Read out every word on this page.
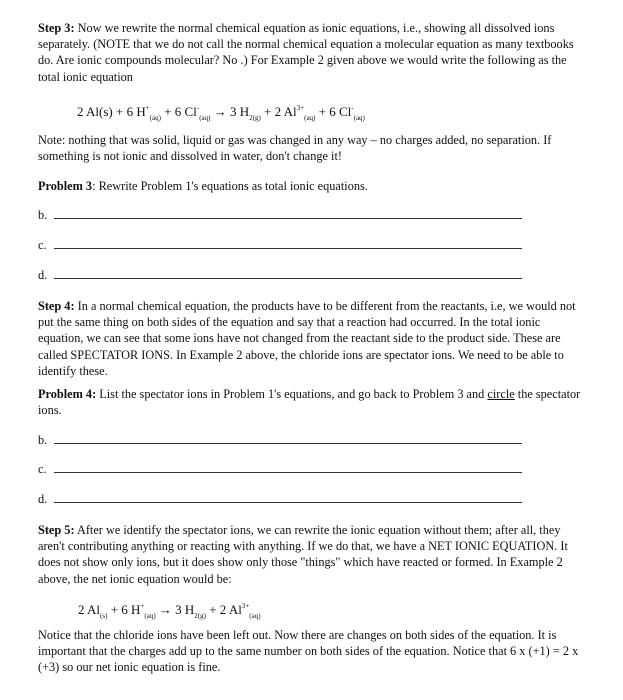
Step 3: Now we rewrite the normal chemical equation as ionic equations, i.e., showing all dissolved ions separately. (NOTE that we do not call the normal chemical equation a molecular equation as many textbooks do. Are ionic compounds molecular? No .) For Example 2 given above we would write the following as the total ionic equation
2 Al(s) + 6 $H^+_{(aq)} + 6$ $Cl^-_{(aq)} \to 3$ $H_{2(g)} + 2$ $Al^{3+}_{(aq)} + 6$ $Cl^-_{(aq)}$
Note: nothing that was solid, liquid or gas was changed in any way – no charges added, no separation. If something is not ionic and dissolved in water, don't change it!
Problem 3: Rewrite Problem 1's equations as total ionic equations.
b.
c.
d.
Step 4: In a normal chemical equation, the products have to be different from the reactants, i.e, we would not put the same thing on both sides of the equation and say that a reaction had occurred. In the total ionic equation, we can see that some ions have not changed from the reactant side to the product side. These are called SPECTATOR IONS. In Example 2 above, the chloride ions are spectator ions. We need to be able to identify these.
Problem 4: List the spectator ions in Problem 1's equations, and go back to Problem 3 and circle the spectator ions.
b.
c.
d.
Step 5: After we identify the spectator ions, we can rewrite the ionic equation without them; after all, they aren't contributing anything or reacting with anything. If we do that, we have a NET IONIC EQUATION. It does not show only ions, but it does show only those "things" which have reacted or formed. In Example 2 above, the net ionic equation would be:
2 $Al_{(s)} + 6$ $H^+_{(aq)} \to 3$ $H_{2(g)} + 2$ $Al^{3+}_{(aq)}$
Notice that the chloride ions have been left out. Now there are changes on both sides of the equation. It is important that the charges add up to the same number on both sides of the equation. Notice that 6 x (+1) = 2 x (+3) so our net ionic equation is fine.
